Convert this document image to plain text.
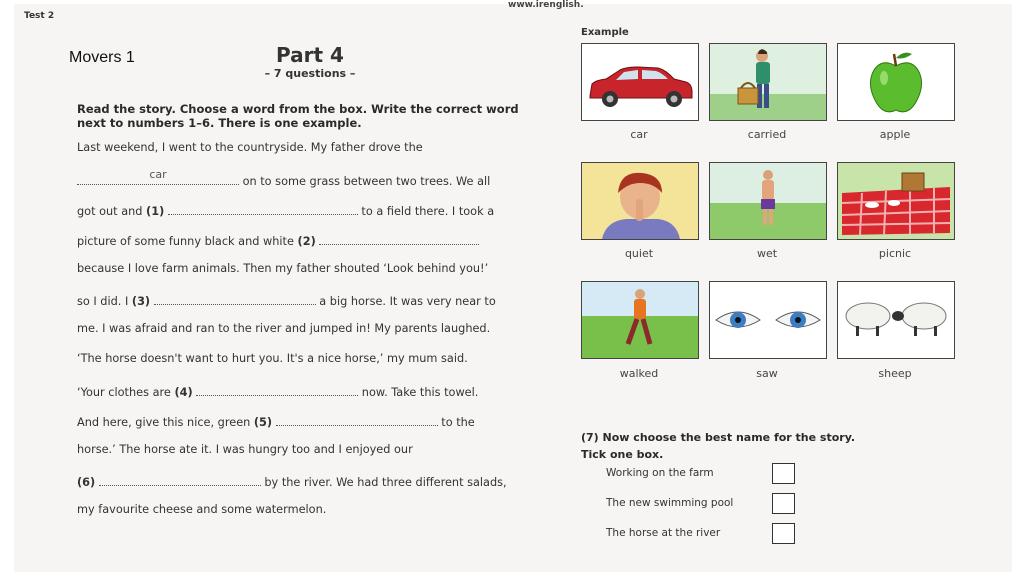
Test 2
www.irenglish.
Movers 1	Part 4
– 7 questions –
Read the story. Choose a word from the box. Write the correct word next to numbers 1–6. There is one example.
Last weekend, I went to the countryside. My father drove the
car
on to some grass between two trees. We all
got out and (1)	to a field there. I took a
picture of some funny black and white (2)
because I love farm animals. Then my father shouted ‘Look behind you!’
so I did. I (3)	a big horse. It was very near to
me. I was afraid and ran to the river and jumped in! My parents laughed.
‘The horse doesn't want to hurt you. It's a nice horse,’ my mum said.
‘Your clothes are (4)	now. Take this towel.
And here, give this nice, green (5)	to the
horse.’ The horse ate it. I was hungry too and I enjoyed our
(6)	by the river. We had three different salads,
my favourite cheese and some watermelon.
Example
car	carried	apple
quiet	wet	picnic
walked	saw	sheep
(7) Now choose the best name for the story.
Tick one box.
Working on the farm
The new swimming pool
The horse at the river
